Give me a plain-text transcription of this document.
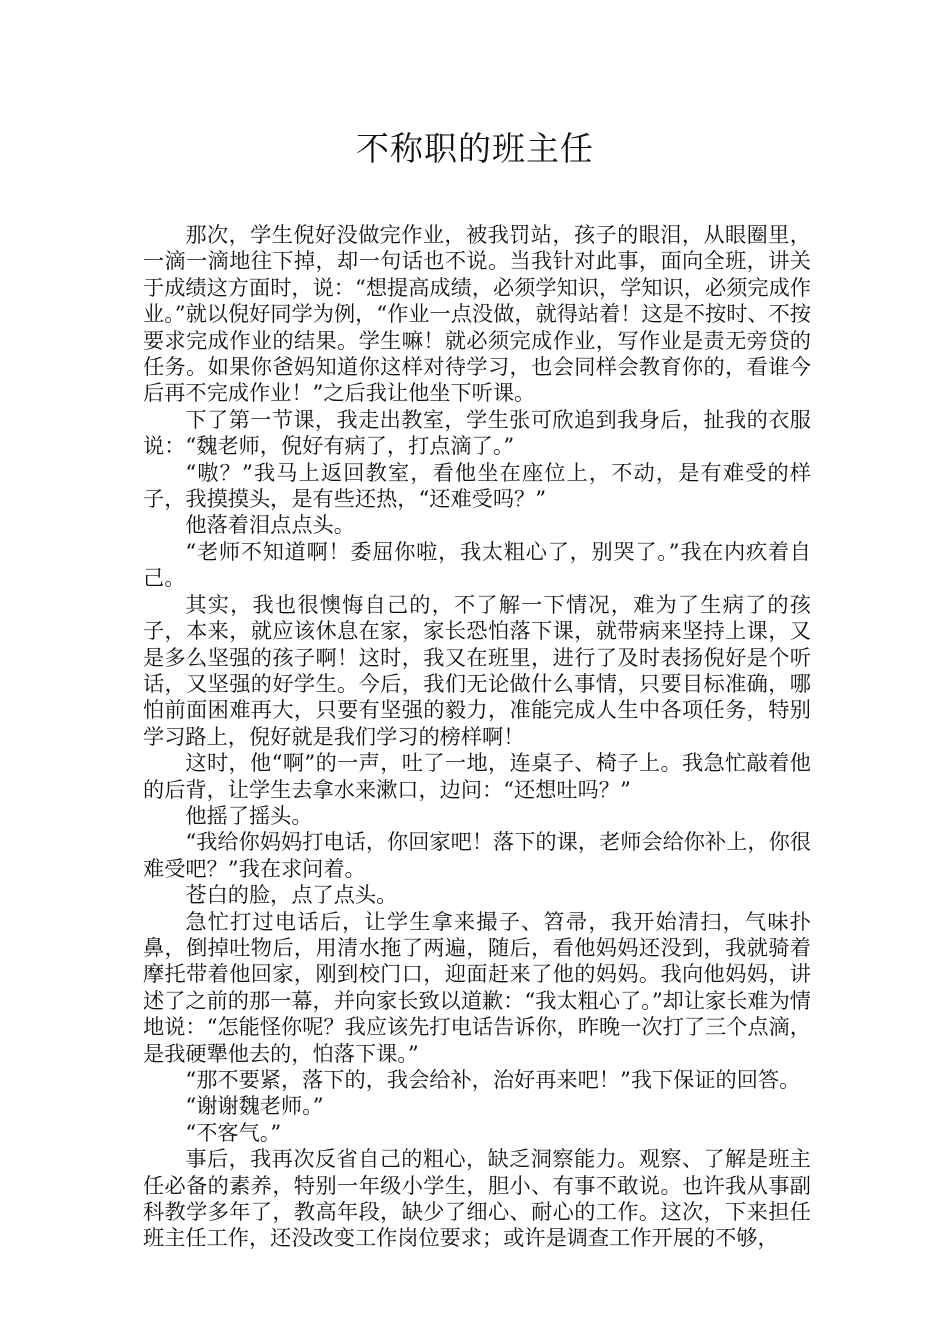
不称职的班主任

那次，学生倪好没做完作业，被我罚站，孩子的眼泪，从眼圈里，一滴一滴地往下掉，却一句话也不说。当我针对此事，面向全班，讲关于成绩这方面时，说：“想提高成绩，必须学知识，学知识，必须完成作业。”就以倪好同学为例，“作业一点没做，就得站着！这是不按时、不按要求完成作业的结果。学生嘛！就必须完成作业，写作业是责无旁贷的任务。如果你爸妈知道你这样对待学习，也会同样会教育你的，看谁今后再不完成作业！”之后我让他坐下听课。

下了第一节课，我走出教室，学生张可欣追到我身后，扯我的衣服说：“魏老师，倪好有病了，打点滴了。”

“嗷？”我马上返回教室，看他坐在座位上，不动，是有难受的样子，我摸摸头，是有些还热，“还难受吗？”

他落着泪点点头。

“老师不知道啊！委屈你啦，我太粗心了，别哭了。”我在内疚着自己。

其实，我也很懊悔自己的，不了解一下情况，难为了生病了的孩子，本来，就应该休息在家，家长恐怕落下课，就带病来坚持上课，又是多么坚强的孩子啊！这时，我又在班里，进行了及时表扬倪好是个听话，又坚强的好学生。今后，我们无论做什么事情，只要目标准确，哪怕前面困难再大，只要有坚强的毅力，准能完成人生中各项任务，特别学习路上，倪好就是我们学习的榜样啊！

这时，他“啊”的一声，吐了一地，连桌子、椅子上。我急忙敲着他的后背，让学生去拿水来漱口，边问：“还想吐吗？”

他摇了摇头。

“我给你妈妈打电话，你回家吧！落下的课，老师会给你补上，你很难受吧？”我在求问着。

苍白的脸，点了点头。

急忙打过电话后，让学生拿来撮子、笤帚，我开始清扫，气味扑鼻，倒掉吐物后，用清水拖了两遍，随后，看他妈妈还没到，我就骑着摩托带着他回家，刚到校门口，迎面赶来了他的妈妈。我向他妈妈，讲述了之前的那一幕，并向家长致以道歉：“我太粗心了。”却让家长难为情地说：“怎能怪你呢？我应该先打电话告诉你，昨晚一次打了三个点滴，是我硬犟他去的，怕落下课。”

“那不要紧，落下的，我会给补，治好再来吧！”我下保证的回答。

“谢谢魏老师。”

“不客气。”

事后，我再次反省自己的粗心，缺乏洞察能力。观察、了解是班主任必备的素养，特别一年级小学生，胆小、有事不敢说。也许我从事副科教学多年了，教高年段，缺少了细心、耐心的工作。这次，下来担任班主任工作，还没改变工作岗位要求；或许是调查工作开展的不够，
